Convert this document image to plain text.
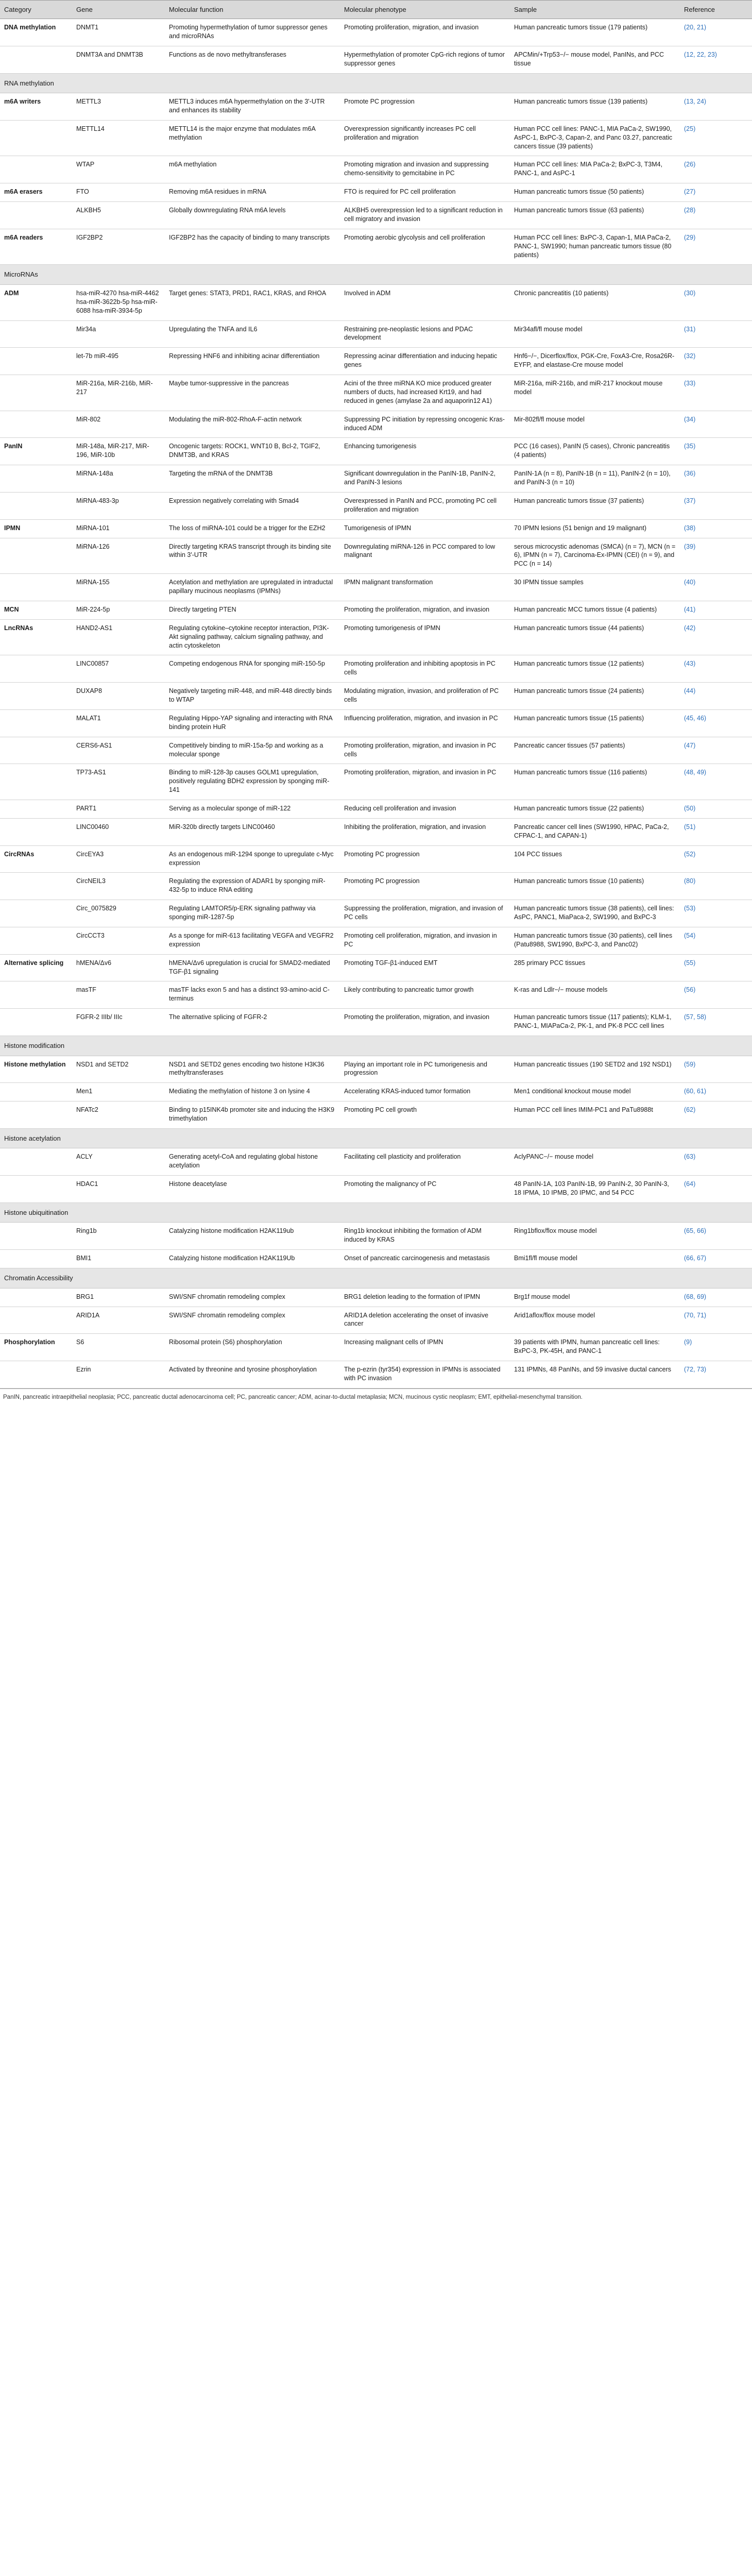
Category	Gene	Molecular function	Molecular phenotype	Sample	Reference
DNA methylation	DNMT1	Promoting hypermethylation of tumor suppressor genes and microRNAs	Promoting proliferation, migration, and invasion	Human pancreatic tumors tissue (179 patients)	(20, 21)
	DNMT3A and DNMT3B	Functions as de novo methyltransferases	Hypermethylation of promoter CpG-rich regions of tumor suppressor genes	APCMin/+Trp53−/− mouse model, PanINs, and PCC tissue	(12, 22, 23)
RNA methylation					
m6A writers	METTL3	METTL3 induces m6A hypermethylation on the 3'-UTR and enhances its stability	Promote PC progression	Human pancreatic tumors tissue (139 patients)	(13, 24)
	METTL14	METTL14 is the major enzyme that modulates m6A methylation	Overexpression significantly increases PC cell proliferation and migration	Human PCC cell lines: PANC-1, MIA PaCa-2, SW1990, AsPC-1, BxPC-3, Capan-2, and Panc 03.27, pancreatic cancers tissue (39 patients)	(25)
	WTAP	m6A methylation	Promoting migration and invasion and suppressing chemo-sensitivity to gemcitabine in PC	Human PCC cell lines: MIA PaCa-2; BxPC-3, T3M4, PANC-1, and AsPC-1	(26)
m6A erasers	FTO	Removing m6A residues in mRNA	FTO is required for PC cell proliferation	Human pancreatic tumors tissue (50 patients)	(27)
	ALKBH5	Globally downregulating RNA m6A levels	ALKBH5 overexpression led to a significant reduction in cell migratory and invasion	Human pancreatic tumors tissue (63 patients)	(28)
m6A readers	IGF2BP2	IGF2BP2 has the capacity of binding to many transcripts	Promoting aerobic glycolysis and cell proliferation	Human PCC cell lines: BxPC-3, Capan-1, MIA PaCa-2, PANC-1, SW1990; human pancreatic tumors tissue (80 patients)	(29)
MicroRNAs					
ADM	hsa-miR-4270 hsa-miR-4462 hsa-miR-3622b-5p hsa-miR-6088 hsa-miR-3934-5p	Target genes: STAT3, PRD1, RAC1, KRAS, and RHOA	Involved in ADM	Chronic pancreatitis (10 patients)	(30)
	Mir34a	Upregulating the TNFA and IL6	Restraining pre-neoplastic lesions and PDAC development	Mir34afl/fl mouse model	(31)
	let-7b miR-495	Repressing HNF6 and inhibiting acinar differentiation	Repressing acinar differentiation and inducing hepatic genes	Hnf6−/−, Dicerflox/flox, PGK-Cre, FoxA3-Cre, Rosa26R-EYFP, and elastase-Cre mouse model	(32)
	MiR-216a, MiR-216b, MiR-217	Maybe tumor-suppressive in the pancreas	Acini of the three miRNA KO mice produced greater numbers of ducts, had increased Krt19, and had reduced in genes (amylase 2a and aquaporin12 A1)	MiR-216a, miR-216b, and miR-217 knockout mouse model	(33)
	MiR-802	Modulating the miR-802-RhoA-F-actin network	Suppressing PC initiation by repressing oncogenic Kras-induced ADM	Mir-802fl/fl mouse model	(34)
PanIN	MiR-148a, MiR-217, MiR-196, MiR-10b	Oncogenic targets: ROCK1, WNT10 B, Bcl-2, TGIF2, DNMT3B, and KRAS	Enhancing tumorigenesis	PCC (16 cases), PanIN (5 cases), Chronic pancreatitis (4 patients)	(35)
	MiRNA-148a	Targeting the mRNA of the DNMT3B	Significant downregulation in the PanIN-1B, PanIN-2, and PanIN-3 lesions	PanIN-1A (n = 8), PanIN-1B (n = 11), PanIN-2 (n = 10), and PanIN-3 (n = 10)	(36)
	MiRNA-483-3p	Expression negatively correlating with Smad4	Overexpressed in PanIN and PCC, promoting PC cell proliferation and migration	Human pancreatic tumors tissue (37 patients)	(37)
IPMN	MiRNA-101	The loss of miRNA-101 could be a trigger for the EZH2	Tumorigenesis of IPMN	70 IPMN lesions (51 benign and 19 malignant)	(38)
	MiRNA-126	Directly targeting KRAS transcript through its binding site within 3'-UTR	Downregulating miRNA-126 in PCC compared to low malignant	serous microcystic adenomas (SMCA) (n = 7), MCN (n = 6), IPMN (n = 7), Carcinoma-Ex-IPMN (CEI) (n = 9), and PCC (n = 14)	(39)
	MiRNA-155	Acetylation and methylation are upregulated in intraductal papillary mucinous neoplasms (IPMNs)	IPMN malignant transformation	30 IPMN tissue samples	(40)
MCN	MiR-224-5p	Directly targeting PTEN	Promoting the proliferation, migration, and invasion	Human pancreatic MCC tumors tissue (4 patients)	(41)
LncRNAs	HAND2-AS1	Regulating cytokine–cytokine receptor interaction, PI3K-Akt signaling pathway, calcium signaling pathway, and actin cytoskeleton	Promoting tumorigenesis of IPMN	Human pancreatic tumors tissue (44 patients)	(42)
	LINC00857	Competing endogenous RNA for sponging miR-150-5p	Promoting proliferation and inhibiting apoptosis in PC cells	Human pancreatic tumors tissue (12 patients)	(43)
	DUXAP8	Negatively targeting miR-448, and miR-448 directly binds to WTAP	Modulating migration, invasion, and proliferation of PC cells	Human pancreatic tumors tissue (24 patients)	(44)
	MALAT1	Regulating Hippo-YAP signaling and interacting with RNA binding protein HuR	Influencing proliferation, migration, and invasion in PC	Human pancreatic tumors tissue (15 patients)	(45, 46)
	CERS6-AS1	Competitively binding to miR-15a-5p and working as a molecular sponge	Promoting proliferation, migration, and invasion in PC cells	Pancreatic cancer tissues (57 patients)	(47)
	TP73-AS1	Binding to miR-128-3p causes GOLM1 upregulation, positively regulating BDH2 expression by sponging miR-141	Promoting proliferation, migration, and invasion in PC	Human pancreatic tumors tissue (116 patients)	(48, 49)
	PART1	Serving as a molecular sponge of miR-122	Reducing cell proliferation and invasion	Human pancreatic tumors tissue (22 patients)	(50)
	LINC00460	MiR-320b directly targets LINC00460	Inhibiting the proliferation, migration, and invasion	Pancreatic cancer cell lines (SW1990, HPAC, PaCa-2, CFPAC-1, and CAPAN-1)	(51)
CircRNAs	CircEYA3	As an endogenous miR-1294 sponge to upregulate c-Myc expression	Promoting PC progression	104 PCC tissues	(52)
	CircNEIL3	Regulating the expression of ADAR1 by sponging miR-432-5p to induce RNA editing	Promoting PC progression	Human pancreatic tumors tissue (10 patients)	(80)
	Circ_0075829	Regulating LAMTOR5/p-ERK signaling pathway via sponging miR-1287-5p	Suppressing the proliferation, migration, and invasion of PC cells	Human pancreatic tumors tissue (38 patients), cell lines: AsPC, PANC1, MiaPaca-2, SW1990, and BxPC-3	(53)
	CircCCT3	As a sponge for miR-613 facilitating VEGFA and VEGFR2 expression	Promoting cell proliferation, migration, and invasion in PC	Human pancreatic tumors tissue (30 patients), cell lines (Patu8988, SW1990, BxPC-3, and Panc02)	(54)
Alternative splicing	hMENA/Δv6	hMENA/Δv6 upregulation is crucial for SMAD2-mediated TGF-β1 signaling	Promoting TGF-β1-induced EMT	285 primary PCC tissues	(55)
	masTF	masTF lacks exon 5 and has a distinct 93-amino-acid C-terminus	Likely contributing to pancreatic tumor growth	K-ras and Ldlr−/− mouse models	(56)
	FGFR-2 IIIb/ IIIc	The alternative splicing of FGFR-2	Promoting the proliferation, migration, and invasion	Human pancreatic tumors tissue (117 patients); KLM-1, PANC-1, MIAPaCa-2, PK-1, and PK-8 PCC cell lines	(57, 58)
Histone modification					
Histone methylation	NSD1 and SETD2	NSD1 and SETD2 genes encoding two histone H3K36 methyltransferases	Playing an important role in PC tumorigenesis and progression	Human pancreatic tissues (190 SETD2 and 192 NSD1)	(59)
	Men1	Mediating the methylation of histone 3 on lysine 4	Accelerating KRAS-induced tumor formation	Men1 conditional knockout mouse model	(60, 61)
	NFATc2	Binding to p15INK4b promoter site and inducing the H3K9 trimethylation	Promoting PC cell growth	Human PCC cell lines IMIM-PC1 and PaTu8988t	(62)
Histone acetylation					
	ACLY	Generating acetyl-CoA and regulating global histone acetylation	Facilitating cell plasticity and proliferation	AclyPANC−/− mouse model	(63)
	HDAC1	Histone deacetylase	Promoting the malignancy of PC	48 PanIN-1A, 103 PanIN-1B, 99 PanIN-2, 30 PanIN-3, 18 IPMA, 10 IPMB, 20 IPMC, and 54 PCC	(64)
Histone ubiquitination					
	Ring1b	Catalyzing histone modification H2AK119ub	Ring1b knockout inhibiting the formation of ADM induced by KRAS	Ring1bflox/flox mouse model	(65, 66)
	BMI1	Catalyzing histone modification H2AK119Ub	Onset of pancreatic carcinogenesis and metastasis	Bmi1fl/fl mouse model	(66, 67)
Chromatin Accessibility					
	BRG1	SWI/SNF chromatin remodeling complex	BRG1 deletion leading to the formation of IPMN	Brg1f mouse model	(68, 69)
	ARID1A	SWI/SNF chromatin remodeling complex	ARID1A deletion accelerating the onset of invasive cancer	Arid1aflox/flox mouse model	(70, 71)
Phosphorylation	S6	Ribosomal protein (S6) phosphorylation	Increasing malignant cells of IPMN	39 patients with IPMN, human pancreatic cell lines: BxPC-3, PK-45H, and PANC-1	(9)
	Ezrin	Activated by threonine and tyrosine phosphorylation	The p-ezrin (tyr354) expression in IPMNs is associated with PC invasion	131 IPMNs, 48 PanINs, and 59 invasive ductal cancers	(72, 73)
PanIN, pancreatic intraepithelial neoplasia; PCC, pancreatic ductal adenocarcinoma cell; PC, pancreatic cancer; ADM, acinar-to-ductal metaplasia; MCN, mucinous cystic neoplasm; EMT, epithelial-mesenchymal transition.
